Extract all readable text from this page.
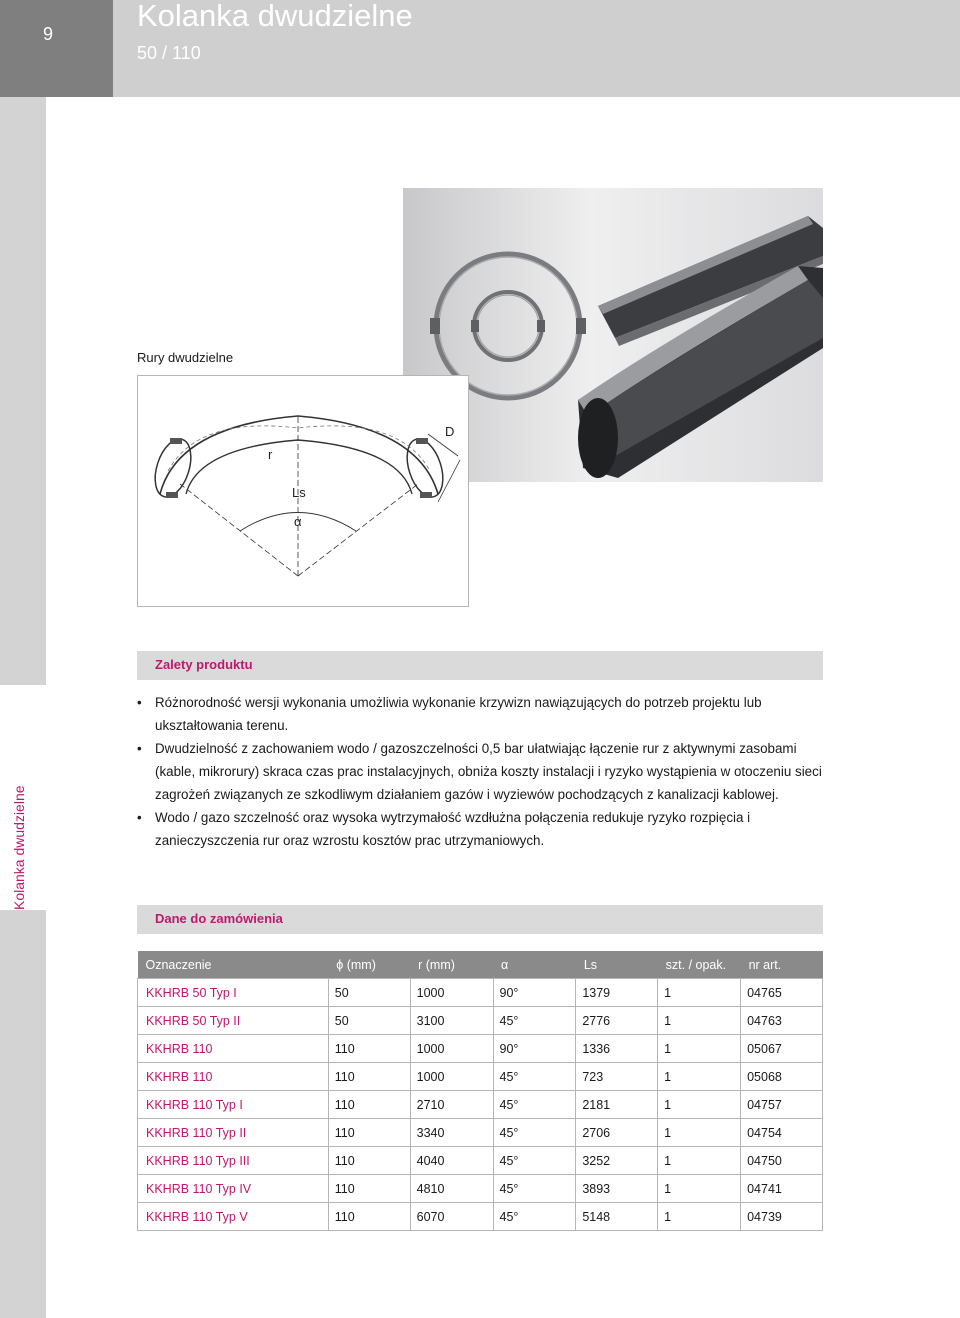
9
Kolanka dwudzielne
50 / 110
Kolanka dwudzielne
Rury dwudzielne
D
r
Ls
α
Zalety produktu
• Różnorodność wersji wykonania umożliwia wykonanie krzywizn nawiązujących do potrzeb projektu lub ukształtowania terenu.
• Dwudzielność z zachowaniem wodo / gazoszczelności 0,5 bar ułatwiając łączenie rur z aktywnymi zasobami (kable, mikrorury) skraca czas prac instalacyjnych, obniża koszty instalacji i ryzyko wystąpienia w otoczeniu sieci zagrożeń związanych ze szkodliwym działaniem gazów i wyziewów pochodzących z kanalizacji kablowej.
• Wodo / gazo szczelność oraz wysoka wytrzymałość wzdłużna połączenia redukuje ryzyko rozpięcia i zanieczyszczenia rur oraz wzrostu kosztów prac utrzymaniowych.
Dane do zamówienia
Oznaczenie	ϕ (mm)	r (mm)	α	Ls	szt. / opak.	nr art.
KKHRB 50 Typ I	50	1000	90°	1379	1	04765
KKHRB 50 Typ II	50	3100	45°	2776	1	04763
KKHRB 110	110	1000	90°	1336	1	05067
KKHRB 110	110	1000	45°	723	1	05068
KKHRB 110 Typ I	110	2710	45°	2181	1	04757
KKHRB 110 Typ II	110	3340	45°	2706	1	04754
KKHRB 110 Typ III	110	4040	45°	3252	1	04750
KKHRB 110 Typ IV	110	4810	45°	3893	1	04741
KKHRB 110 Typ V	110	6070	45°	5148	1	04739
